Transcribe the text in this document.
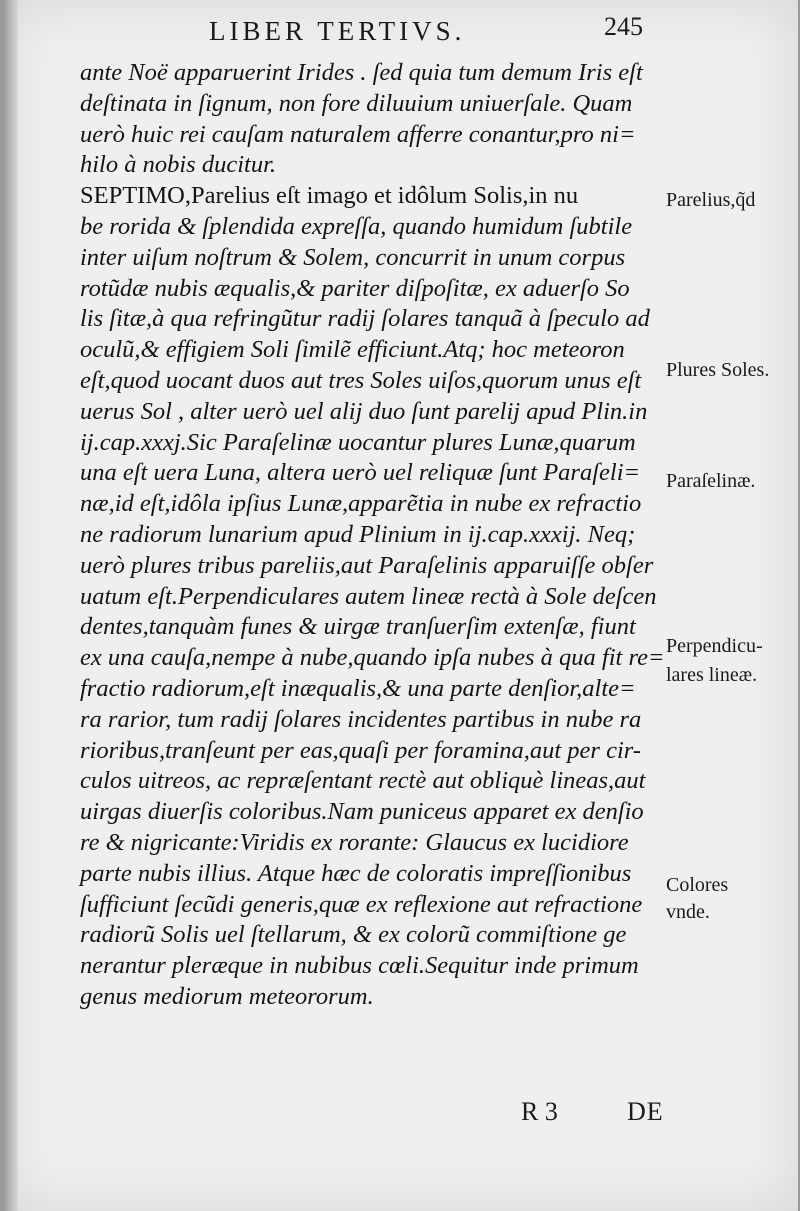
LIBER TERTIVS.	245
ante Noë apparuerint Irides . ſed quia tum demum Iris eſt
deſtinata in ſignum, non fore diluuium uniuerſale. Quam
uerò huic rei cauſam naturalem afferre conantur,pro ni=
hilo à nobis ducitur.
SEPTIMO,Parelius eſt imago et idôlum Solis,in nu
be rorida & ſplendida expreſſa, quando humidum ſubtile
inter uiſum noſtrum & Solem, concurrit in unum corpus
rotũdæ nubis æqualis,& pariter diſpoſitæ, ex aduerſo So
lis ſitæ,à qua refringũtur radij ſolares tanquã à ſpeculo ad
oculũ,& effigiem Soli ſimilẽ efficiunt.Atq; hoc meteoron
eſt,quod uocant duos aut tres Soles uiſos,quorum unus eſt
uerus Sol , alter uerò uel alij duo ſunt parelij apud Plin.in
ij.cap.xxxj.Sic Paraſelinæ uocantur plures Lunæ,quarum
una eſt uera Luna, altera uerò uel reliquæ ſunt Paraſeli=
næ,id eſt,idôla ipſius Lunæ,apparẽtia in nube ex refractio
ne radiorum lunarium apud Plinium in ij.cap.xxxij. Neq;
uerò plures tribus pareliis,aut Paraſelinis apparuiſſe obſer
uatum eſt.Perpendiculares autem lineæ rectà à Sole deſcen
dentes,tanquàm funes & uirgæ tranſuerſim extenſæ, fiunt
ex una cauſa,nempe à nube,quando ipſa nubes à qua fit re=
fractio radiorum,eſt inæqualis,& una parte denſior,alte=
ra rarior, tum radij ſolares incidentes partibus in nube ra
rioribus,tranſeunt per eas,quaſi per foramina,aut per cir-
culos uitreos, ac repræſentant rectè aut obliquè lineas,aut
uirgas diuerſis coloribus.Nam puniceus apparet ex denſio
re & nigricante:Viridis ex rorante: Glaucus ex lucidiore
parte nubis illius. Atque hæc de coloratis impreſſionibus
ſufficiunt ſecũdi generis,quæ ex reflexione aut refractione
radiorũ Solis uel ſtellarum, & ex colorũ commiſtione ge
nerantur pleræque in nubibus cœli.Sequitur inde primum
genus mediorum meteororum.
Parelius,q̃d
Plures Soles.
Paraſelinæ.
Perpendicu-
lares lineæ.
Colores
vnde.
R 3	DE
